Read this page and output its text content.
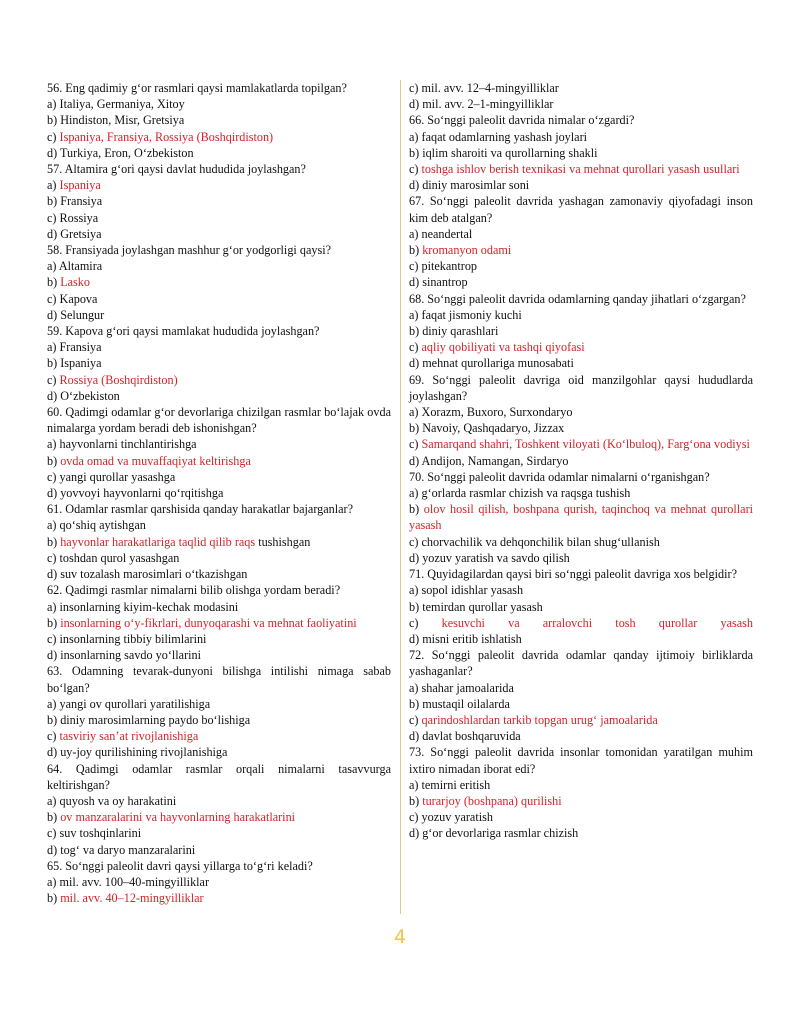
56. Eng qadimiy g‘or rasmlari qaysi mamlakatlarda topilgan?
a) Italiya, Germaniya, Xitoy
b) Hindiston, Misr, Gretsiya
c) Ispaniya, Fransiya, Rossiya (Boshqirdiston)
d) Turkiya, Eron, O‘zbekiston
57. Altamira g‘ori qaysi davlat hududida joylashgan?
a) Ispaniya
b) Fransiya
c) Rossiya
d) Gretsiya
58. Fransiyada joylashgan mashhur g‘or yodgorligi qaysi?
a) Altamira
b) Lasko
c) Kapova
d) Selungur
59. Kapova g‘ori qaysi mamlakat hududida joylashgan?
a) Fransiya
b) Ispaniya
c) Rossiya (Boshqirdiston)
d) O‘zbekiston
60. Qadimgi odamlar g‘or devorlariga chizilgan rasmlar bo‘lajak ovda nimalarga yordam beradi deb ishonishgan?
a) hayvonlarni tinchlantirishga
b) ovda omad va muvaffaqiyat keltirishga
c) yangi qurollar yasashga
d) yovvoyi hayvonlarni qo‘rqitishga
61. Odamlar rasmlar qarshisida qanday harakatlar bajarganlar?
a) qo‘shiq aytishgan
b) hayvonlar harakatlariga taqlid qilib raqs tushishgan
c) toshdan qurol yasashgan
d) suv tozalash marosimlari o‘tkazishgan
62. Qadimgi rasmlar nimalarni bilib olishga yordam beradi?
a) insonlarning kiyim-kechak modasini
b) insonlarning o‘y-fikrlari, dunyoqarashi va mehnat faoliyatini
c) insonlarning tibbiy bilimlarini
d) insonlarning savdo yo‘llarini
63. Odamning tevarak-dunyoni bilishga intilishi nimaga sabab bo‘lgan?
a) yangi ov qurollari yaratilishiga
b) diniy marosimlarning paydo bo‘lishiga
c) tasviriy san’at rivojlanishiga
d) uy-joy qurilishining rivojlanishiga
64. Qadimgi odamlar rasmlar orqali nimalarni tasavvurga keltirishgan?
a) quyosh va oy harakatini
b) ov manzaralarini va hayvonlarning harakatlarini
c) suv toshqinlarini
d) tog‘ va daryo manzaralarini
65. So‘nggi paleolit davri qaysi yillarga to‘g‘ri keladi?
a) mil. avv. 100–40-mingyilliklar
b) mil. avv. 40–12-mingyilliklar
c) mil. avv. 12–4-mingyilliklar
d) mil. avv. 2–1-mingyilliklar
66. So‘nggi paleolit davrida nimalar o‘zgardi?
a) faqat odamlarning yashash joylari
b) iqlim sharoiti va qurollarning shakli
c) toshga ishlov berish texnikasi va mehnat qurollari yasash usullari
d) diniy marosimlar soni
67. So‘nggi paleolit davrida yashagan zamonaviy qiyofadagi inson kim deb atalgan?
a) neandertal
b) kromanyon odami
c) pitekantrop
d) sinantrop
68. So‘nggi paleolit davrida odamlarning qanday jihatlari o‘zgargan?
a) faqat jismoniy kuchi
b) diniy qarashlari
c) aqliy qobiliyati va tashqi qiyofasi
d) mehnat qurollariga munosabati
69. So‘nggi paleolit davriga oid manzilgohlar qaysi hududlarda joylashgan?
a) Xorazm, Buxoro, Surxondaryo
b) Navoiy, Qashqadaryo, Jizzax
c) Samarqand shahri, Toshkent viloyati (Ko‘lbuloq), Farg‘ona vodiysi
d) Andijon, Namangan, Sirdaryo
70. So‘nggi paleolit davrida odamlar nimalarni o‘rganishgan?
a) g‘orlarda rasmlar chizish va raqsga tushish
b) olov hosil qilish, boshpana qurish, taqinchoq va mehnat qurollari yasash
c) chorvachilik va dehqonchilik bilan shug‘ullanish
d) yozuv yaratish va savdo qilish
71. Quyidagilardan qaysi biri so‘nggi paleolit davriga xos belgidir?
a) sopol idishlar yasash
b) temirdan qurollar yasash
c) kesuvchi va arralovchi tosh qurollar yasash
d) misni eritib ishlatish
72. So‘nggi paleolit davrida odamlar qanday ijtimoiy birliklarda yashaganlar?
a) shahar jamoalarida
b) mustaqil oilalarda
c) qarindoshlardan tarkib topgan urug‘ jamoalarida
d) davlat boshqaruvida
73. So‘nggi paleolit davrida insonlar tomonidan yaratilgan muhim ixtiro nimadan iborat edi?
a) temirni eritish
b) turarjoy (boshpana) qurilishi
c) yozuv yaratish
d) g‘or devorlariga rasmlar chizish
4
